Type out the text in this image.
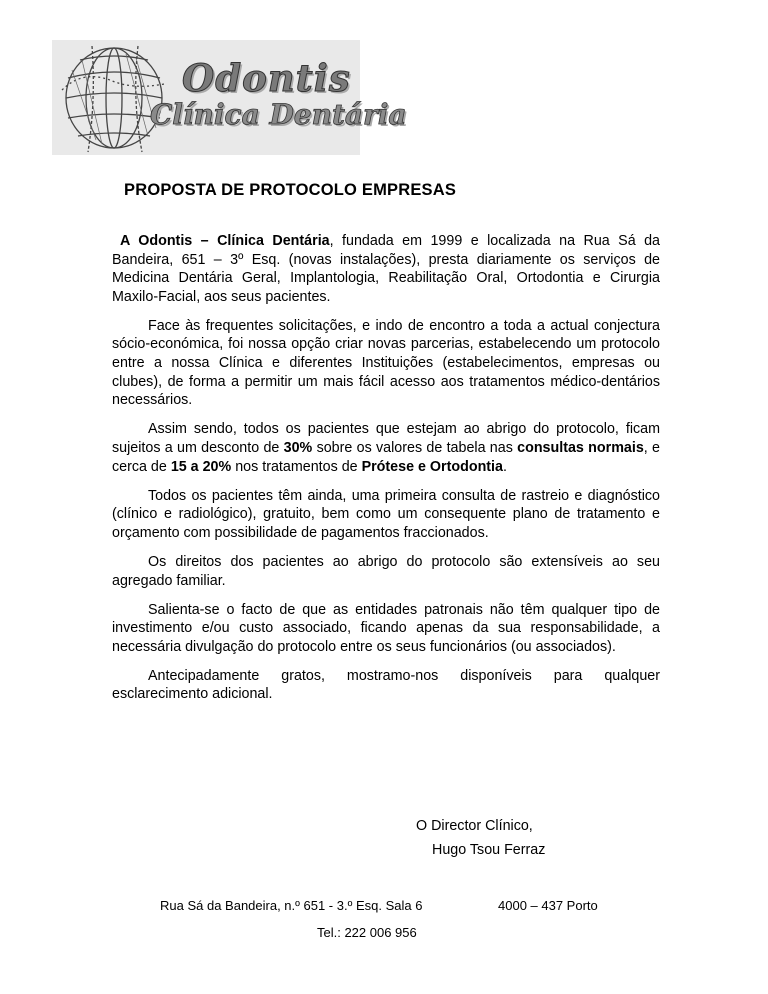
Odontis
Clínica Dentária
PROPOSTA DE PROTOCOLO EMPRESAS

A Odontis – Clínica Dentária, fundada em 1999 e localizada na Rua Sá da Bandeira, 651 – 3º Esq. (novas instalações), presta diariamente os serviços de Medicina Dentária Geral, Implantologia, Reabilitação Oral, Ortodontia e Cirurgia Maxilo-Facial, aos seus pacientes.

Face às frequentes solicitações, e indo de encontro a toda a actual conjectura sócio-económica, foi nossa opção criar novas parcerias, estabelecendo um protocolo entre a nossa Clínica e diferentes Instituições (estabelecimentos, empresas ou clubes), de forma a permitir um mais fácil acesso aos tratamentos médico-dentários necessários.

Assim sendo, todos os pacientes que estejam ao abrigo do protocolo, ficam sujeitos a um desconto de 30% sobre os valores de tabela nas consultas normais, e cerca de 15 a 20% nos tratamentos de Prótese e Ortodontia.

Todos os pacientes têm ainda, uma primeira consulta de rastreio e diagnóstico (clínico e radiológico), gratuito, bem como um consequente plano de tratamento e orçamento com possibilidade de pagamentos fraccionados.

Os direitos dos pacientes ao abrigo do protocolo são extensíveis ao seu agregado familiar.

Salienta-se o facto de que as entidades patronais não têm qualquer tipo de investimento e/ou custo associado, ficando apenas da sua responsabilidade, a necessária divulgação do protocolo entre os seus funcionários (ou associados).

Antecipadamente gratos, mostramo-nos disponíveis para qualquer esclarecimento adicional.

O Director Clínico,
Hugo Tsou Ferraz
Rua Sá da Bandeira, n.º 651 - 3.º Esq. Sala 6	4000 – 437 Porto
Tel.: 222 006 956
